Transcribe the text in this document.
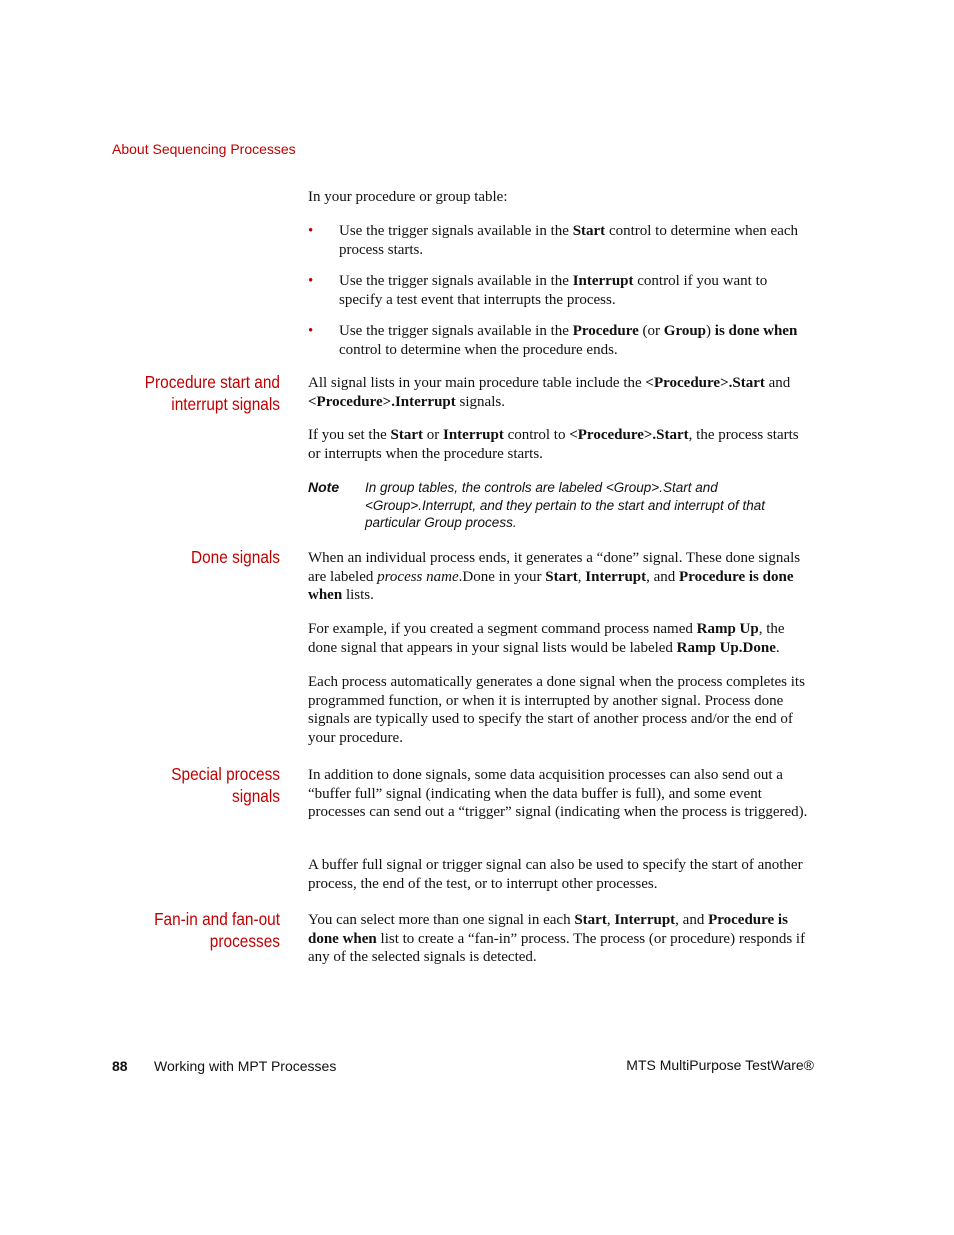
About Sequencing Processes

In your procedure or group table:

• Use the trigger signals available in the Start control to determine when each process starts.
• Use the trigger signals available in the Interrupt control if you want to specify a test event that interrupts the process.
• Use the trigger signals available in the Procedure (or Group) is done when control to determine when the procedure ends.
Procedure start and
interrupt signals

All signal lists in your main procedure table include the <Procedure>.Start and <Procedure>.Interrupt signals.

If you set the Start or Interrupt control to <Procedure>.Start, the process starts or interrupts when the procedure starts.

Note In group tables, the controls are labeled <Group>.Start and <Group>.Interrupt, and they pertain to the start and interrupt of that particular Group process.
Done signals When an individual process ends, it generates a “done” signal. These done signals are labeled process name.Done in your Start, Interrupt, and Procedure is done when lists.

For example, if you created a segment command process named Ramp Up, the done signal that appears in your signal lists would be labeled Ramp Up.Done.

Each process automatically generates a done signal when the process completes its programmed function, or when it is interrupted by another signal. Process done signals are typically used to specify the start of another process and/or the end of your procedure.

Special process signals

In addition to done signals, some data acquisition processes can also send out a “buffer full” signal (indicating when the data buffer is full), and some event processes can send out a “trigger” signal (indicating when the process is triggered).

A buffer full signal or trigger signal can also be used to specify the start of another process, the end of the test, or to interrupt other processes.

Fan-in and fan-out
processes

You can select more than one signal in each Start, Interrupt, and Procedure is done when list to create a “fan-in” process. The process (or procedure) responds if any of the selected signals is detected.

88 Working with MPT Processes	MTS MultiPurpose TestWare®
